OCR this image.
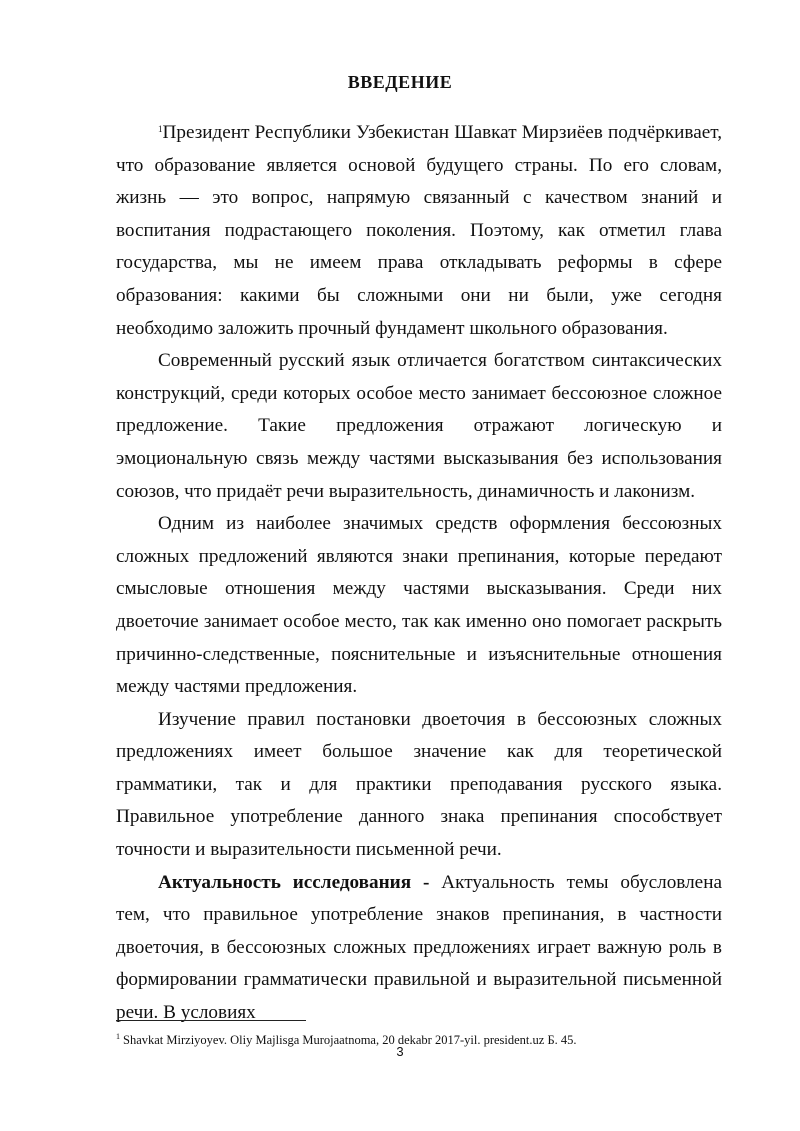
ВВЕДЕНИЕ

$^1$Президент Республики Узбекистан Шавкат Мирзиёев подчёркивает, что образование является основой будущего страны. По его словам, жизнь — это вопрос, напрямую связанный с качеством знаний и воспитания подрастающего поколения. Поэтому, как отметил глава государства, мы не имеем права откладывать реформы в сфере образования: какими бы сложными они ни были, уже сегодня необходимо заложить прочный фундамент школьного образования.

Современный русский язык отличается богатством синтаксических конструкций, среди которых особое место занимает бессоюзное сложное предложение. Такие предложения отражают логическую и эмоциональную связь между частями высказывания без использования союзов, что придаёт речи выразительность, динамичность и лаконизм.

Одним из наиболее значимых средств оформления бессоюзных сложных предложений являются знаки препинания, которые передают смысловые отношения между частями высказывания. Среди них двоеточие занимает особое место, так как именно оно помогает раскрыть причинно-следственные, пояснительные и изъяснительные отношения между частями предложения.

Изучение правил постановки двоеточия в бессоюзных сложных предложениях имеет большое значение как для теоретической грамматики, так и для практики преподавания русского языка. Правильное употребление данного знака препинания способствует точности и выразительности письменной речи.

Актуальность исследования - Актуальность темы обусловлена тем, что правильное употребление знаков препинания, в частности двоеточия, в бессоюзных сложных предложениях играет важную роль в формировании грамматически правильной и выразительной письменной речи. В условиях

$^1$ Shavkat Mirziyoyev. Oliy Majlisga Murojaatnoma, 20 dekabr 2017-yil. president.uz Б. 45.
3
